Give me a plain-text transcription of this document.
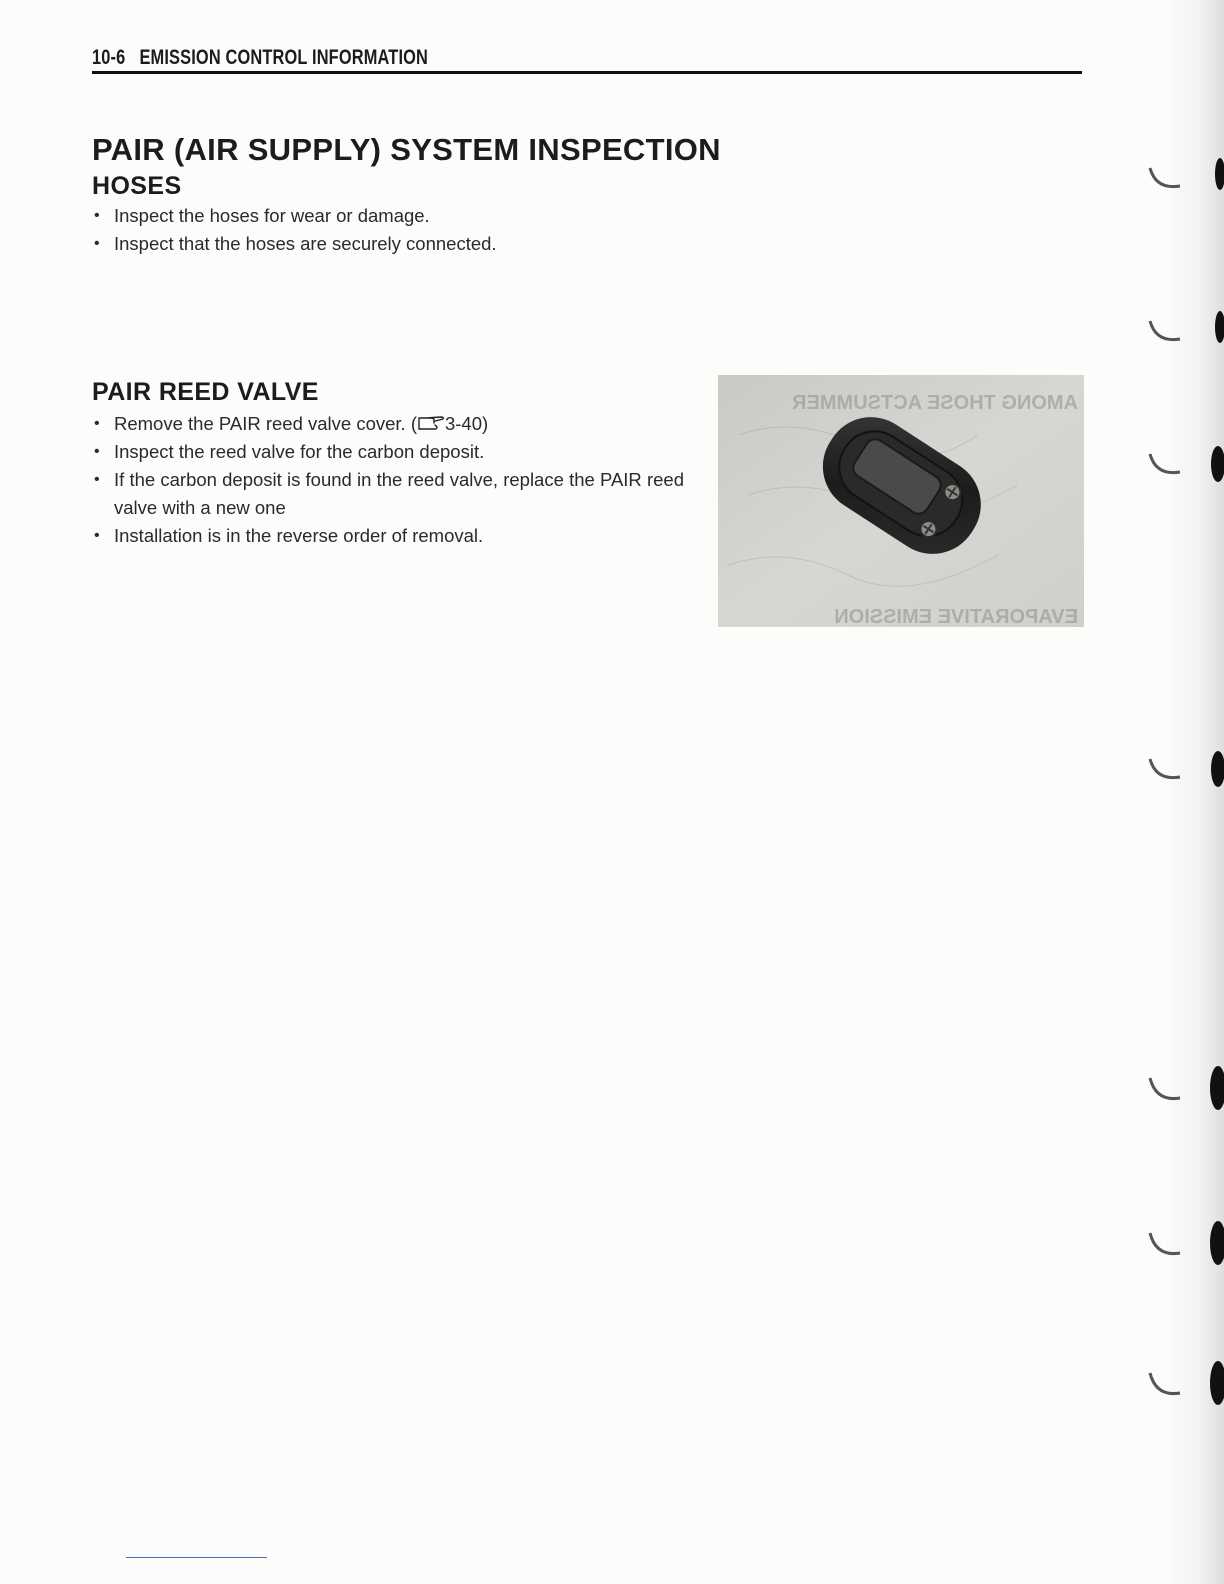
10-6 EMISSION CONTROL INFORMATION
PAIR (AIR SUPPLY) SYSTEM INSPECTION
HOSES
• Inspect the hoses for wear or damage.
• Inspect that the hoses are securely connected.
PAIR REED VALVE
• Remove the PAIR reed valve cover. ( 3-40)
• Inspect the reed valve for the carbon deposit.
• If the carbon deposit is found in the reed valve, replace the PAIR reed valve with a new one
• Installation is in the reverse order of removal.
AMONG THOSE ACTSUMMER
EVAPORATIVE EMISSION
